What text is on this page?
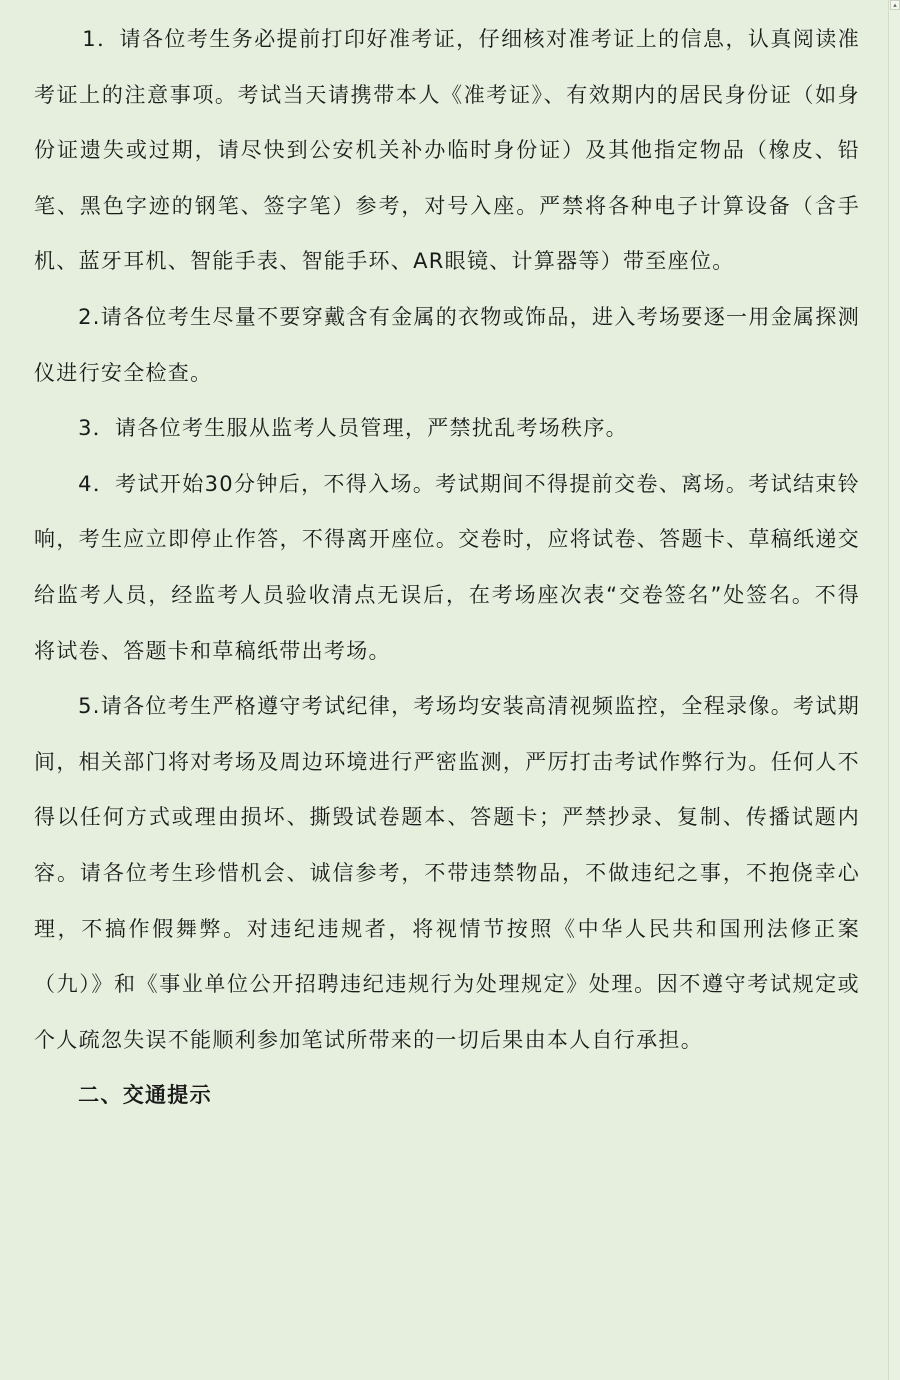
1．请各位考生务必提前打印好准考证，仔细核对准考证上的信息，认真阅读准考证上的注意事项。考试当天请携带本人《准考证》、有效期内的居民身份证（如身份证遗失或过期，请尽快到公安机关补办临时身份证）及其他指定物品（橡皮、铅笔、黑色字迹的钢笔、签字笔）参考，对号入座。严禁将各种电子计算设备（含手机、蓝牙耳机、智能手表、智能手环、AR眼镜、计算器等）带至座位。

2.请各位考生尽量不要穿戴含有金属的衣物或饰品，进入考场要逐一用金属探测仪进行安全检查。

3．请各位考生服从监考人员管理，严禁扰乱考场秩序。

4．考试开始30分钟后，不得入场。考试期间不得提前交卷、离场。考试结束铃响，考生应立即停止作答，不得离开座位。交卷时，应将试卷、答题卡、草稿纸递交给监考人员，经监考人员验收清点无误后，在考场座次表“交卷签名”处签名。不得将试卷、答题卡和草稿纸带出考场。

5.请各位考生严格遵守考试纪律，考场均安装高清视频监控，全程录像。考试期间，相关部门将对考场及周边环境进行严密监测，严厉打击考试作弊行为。任何人不得以任何方式或理由损坏、撕毁试卷题本、答题卡；严禁抄录、复制、传播试题内容。请各位考生珍惜机会、诚信参考，不带违禁物品，不做违纪之事，不抱侥幸心理，不搞作假舞弊。对违纪违规者，将视情节按照《中华人民共和国刑法修正案（九）》和《事业单位公开招聘违纪违规行为处理规定》处理。因不遵守考试规定或个人疏忽失误不能顺利参加笔试所带来的一切后果由本人自行承担。

二、交通提示

▴
